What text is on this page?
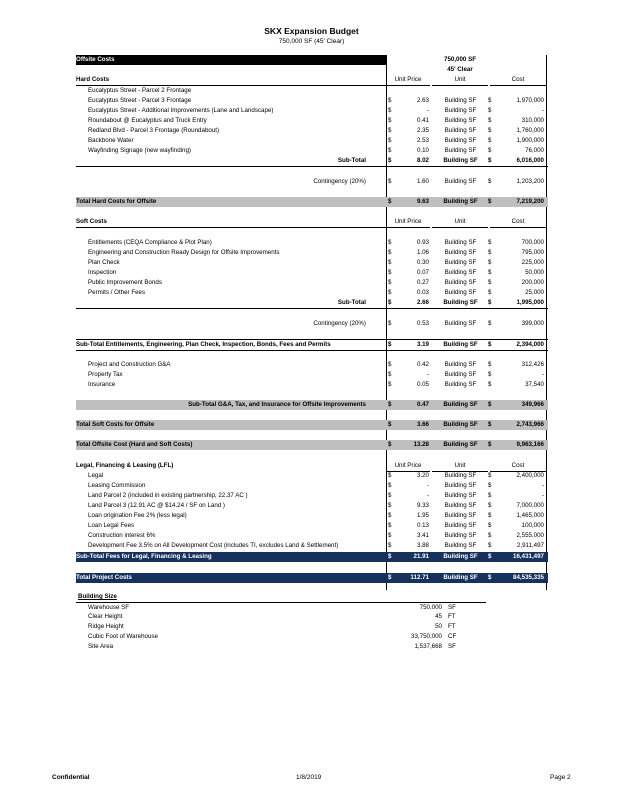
SKX Expansion Budget
750,000 SF (45' Clear)
Offsite Costs	750,000 SF
45' Clear
Hard Costs	Unit Price	Unit	Cost
Eucalyptus Street - Parcel 2 Frontage
Eucalyptus Street - Parcel 3 Frontage	$	2.63	Building SF	$	1,970,000
Eucalyptus Street - Additional Improvements (Lane and Landscape)	$	-	Building SF	$	-
Roundabout @ Eucalyptus and Truck Entry	$	0.41	Building SF	$	310,000
Redland Blvd - Parcel 3 Frontage (Roundabout)	$	2.35	Building SF	$	1,760,000
Backbone Water	$	2.53	Building SF	$	1,900,000
Wayfinding Signage (new wayfinding)	$	0.10	Building SF	$	76,000
Sub-Total	$	8.02	Building SF	$	6,016,000
Contingency (20%)	$	1.60	Building SF	$	1,203,200
Total Hard Costs for Offsite	$	9.63	Building SF	$	7,219,200
Soft Costs	Unit Price	Unit	Cost
Entitlements (CEQA Compliance & Plot Plan)	$	0.93	Building SF	$	700,000
Engineering and Construction Ready Design for Offsite Improvements	$	1.06	Building SF	$	795,000
Plan Check	$	0.30	Building SF	$	225,000
Inspection	$	0.07	Building SF	$	50,000
Public Improvement Bonds	$	0.27	Building SF	$	200,000
Permits / Other Fees	$	0.03	Building SF	$	25,000
Sub-Total	$	2.66	Building SF	$	1,995,000
Contingency (20%)	$	0.53	Building SF	$	399,000
Sub-Total Entitlements, Engineering, Plan Check, Inspection, Bonds, Fees and Permits	$	3.19	Building SF	$	2,394,000
Project and Construction G&A	$	0.42	Building SF	$	312,426
Property Tax	$	-	Building SF	$	-
Insurance	$	0.05	Building SF	$	37,540
Sub-Total G&A, Tax, and Insurance for Offsite Improvements	$	0.47	Building SF	$	349,966
Total Soft Costs for Offsite	$	3.66	Building SF	$	2,743,966
Total Offsite Cost (Hard and Soft Costs)	$	13.28	Building SF	$	9,963,166
Legal, Financing & Leasing (LFL)	Unit Price	Unit	Cost
Legal	$	3.20	Building SF	$	2,400,000
Leasing Commission	$	-	Building SF	$	-
Land Parcel 2 (included in existing partnership, 22.37 AC )	$	-	Building SF	$	-
Land Parcel 3 (12.91 AC @ $14.24 / SF on Land )	$	9.33	Building SF	$	7,000,000
Loan origination Fee 2% (less legal)	$	1.95	Building SF	$	1,465,000
Loan Legal Fees	$	0.13	Building SF	$	100,000
Construction interest 6%	$	3.41	Building SF	$	2,555,000
Development Fee 3.5% on All Development Cost (includes TI, excludes Land & Settlement)	$	3.88	Building SF	$	2,911,497
Sub-Total Fees for Legal, Financing & Leasing	$	21.91	Building SF	$	16,431,497
Total Project Costs	$	112.71	Building SF	$	84,535,335
Building Size
Warehouse SF	750,000 SF
Clear Height	45 FT
Ridge Height	50 FT
Cubic Foot of Warehouse	33,750,000 CF
Site Area	1,537,668 SF
Confidential	1/8/2019	Page 2
